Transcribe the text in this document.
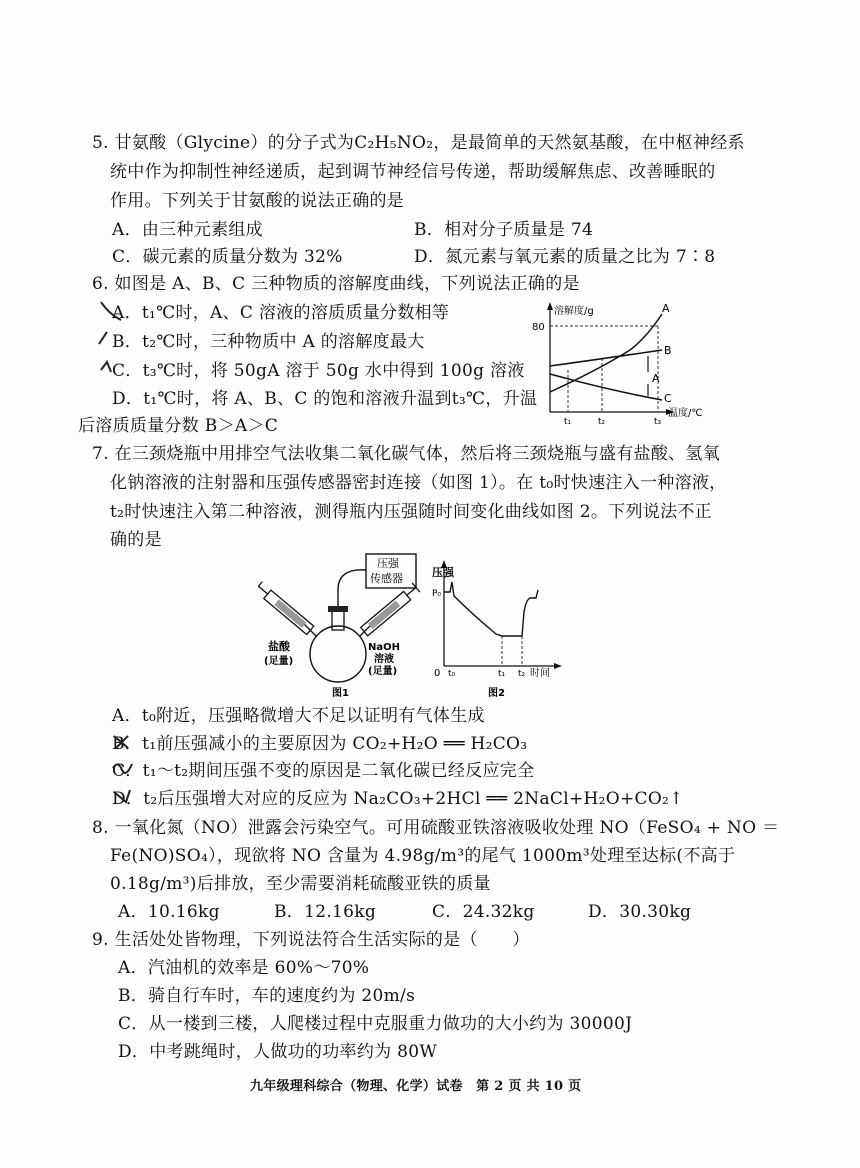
5. 甘氨酸（Glycine）的分子式为C₂H₅NO₂，是最简单的天然氨基酸，在中枢神经系
统中作为抑制性神经递质，起到调节神经信号传递，帮助缓解焦虑、改善睡眠的
作用。下列关于甘氨酸的说法正确的是
A．由三种元素组成	B．相对分子质量是 74
C．碳元素的质量分数为 32%	D．氮元素与氧元素的质量之比为 7∶8
6. 如图是 A、B、C 三种物质的溶解度曲线，下列说法正确的是
A．t₁℃时，A、C 溶液的溶质质量分数相等
B．t₂℃时，三种物质中 A 的溶解度最大
C．t₃℃时，将 50gA 溶于 50g 水中得到 100g 溶液
D．t₁℃时，将 A、B、C 的饱和溶液升温到t₃℃，升温
后溶质质量分数 B＞A＞C
溶解度/g
80
温度/℃
t₁	t₂	t₃
A
B
C
A
7. 在三颈烧瓶中用排空气法收集二氧化碳气体，然后将三颈烧瓶与盛有盐酸、氢氧
化钠溶液的注射器和压强传感器密封连接（如图 1）。在 t₀时快速注入一种溶液，
t₂时快速注入第二种溶液，测得瓶内压强随时间变化曲线如图 2。下列说法不正
确的是
压强
传感器
盐酸
(足量)
NaOH
溶液
(足量)
图1
压强
P₀
0 t₀	t₁ t₂ 时间
图2
A．t₀附近，压强略微增大不足以证明有气体生成
B．t₁前压强减小的主要原因为 CO₂+H₂O ══ H₂CO₃
C．t₁～t₂期间压强不变的原因是二氧化碳已经反应完全
D．t₂后压强增大对应的反应为 Na₂CO₃+2HCl ══ 2NaCl+H₂O+CO₂↑
8. 一氧化氮（NO）泄露会污染空气。可用硫酸亚铁溶液吸收处理 NO（FeSO₄ + NO ＝
Fe(NO)SO₄），现欲将 NO 含量为 4.98g/m³的尾气 1000m³处理至达标(不高于
0.18g/m³)后排放，至少需要消耗硫酸亚铁的质量
A．10.16kg	B．12.16kg	C．24.32kg	D．30.30kg
9. 生活处处皆物理，下列说法符合生活实际的是（　　）
A．汽油机的效率是 60%～70%
B．骑自行车时，车的速度约为 20m/s
C．从一楼到三楼，人爬楼过程中克服重力做功的大小约为 30000J
D．中考跳绳时，人做功的功率约为 80W
九年级理科综合（物理、化学）试卷　第 2 页 共 10 页
